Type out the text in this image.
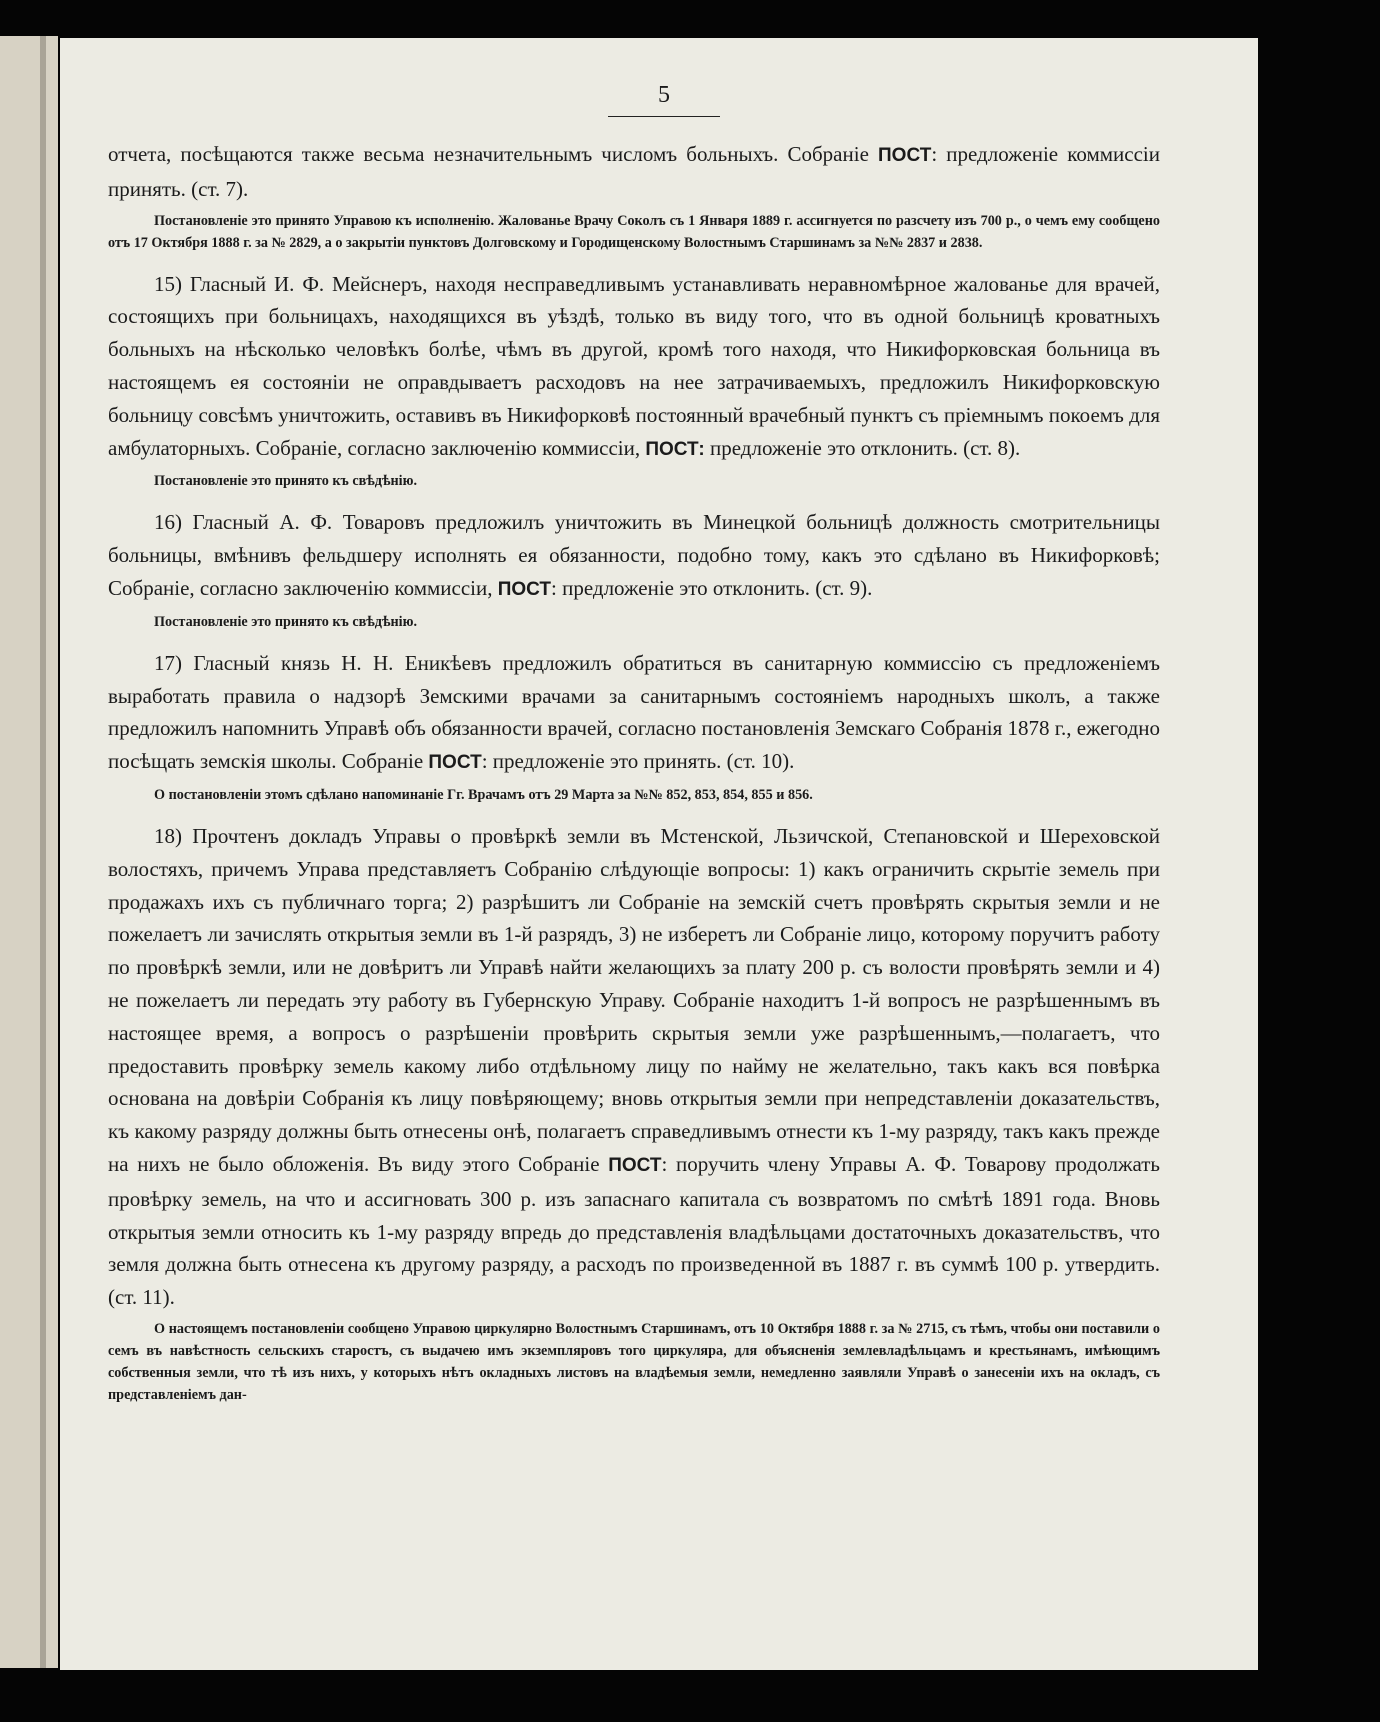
5

отчета, посѣщаются также весьма незначительнымъ числомъ больныхъ. Собраніе ПОСТ: предложеніе коммиссіи принять. (ст. 7).

Постановленіе это принято Управою къ исполненію. Жалованье Врачу Соколъ съ 1 Января 1889 г. ассигнуется по разсчету изъ 700 р., о чемъ ему сообщено отъ 17 Октября 1888 г. за № 2829, а о закрытіи пунктовъ Долговскому и Городищенскому Волостнымъ Старшинамъ за №№ 2837 и 2838.

15) Гласный И. Ф. Мейснеръ, находя несправедливымъ устанавливать неравномѣрное жалованье для врачей, состоящихъ при больницахъ, находящихся въ уѣздѣ, только въ виду того, что въ одной больницѣ кроватныхъ больныхъ на нѣсколько человѣкъ болѣе, чѣмъ въ другой, кромѣ того находя, что Никифорковская больница въ настоящемъ ея состояніи не оправдываетъ расходовъ на нее затрачиваемыхъ, предложилъ Никифорковскую больницу совсѣмъ уничтожить, оставивъ въ Никифорковѣ постоянный врачебный пунктъ съ пріемнымъ покоемъ для амбулаторныхъ. Собраніе, согласно заключенію коммиссіи, ПОСТ: предложеніе это отклонить. (ст. 8).

Постановленіе это принято къ свѣдѣнію.

16) Гласный А. Ф. Товаровъ предложилъ уничтожить въ Минецкой больницѣ должность смотрительницы больницы, вмѣнивъ фельдшеру исполнять ея обязанности, подобно тому, какъ это сдѣлано въ Никифорковѣ; Собраніе, согласно заключенію коммиссіи, ПОСТ: предложеніе это отклонить. (ст. 9).

Постановленіе это принято къ свѣдѣнію.

17) Гласный князь Н. Н. Еникѣевъ предложилъ обратиться въ санитарную коммиссію съ предложеніемъ выработать правила о надзорѣ Земскими врачами за санитарнымъ состояніемъ народныхъ школъ, а также предложилъ напомнить Управѣ объ обязанности врачей, согласно постановленія Земскаго Собранія 1878 г., ежегодно посѣщать земскія школы. Собраніе ПОСТ: предложеніе это принять. (ст. 10).

О постановленіи этомъ сдѣлано напоминаніе Гг. Врачамъ отъ 29 Марта за №№ 852, 853, 854, 855 и 856.

18) Прочтенъ докладъ Управы о провѣркѣ земли въ Мстенской, Льзичской, Степановской и Шереховской волостяхъ, причемъ Управа представляетъ Собранію слѣдующіе вопросы: 1) какъ ограничить скрытіе земель при продажахъ ихъ съ публичнаго торга; 2) разрѣшитъ ли Собраніе на земскій счетъ провѣрять скрытыя земли и не пожелаетъ ли зачислять открытыя земли въ 1-й разрядъ, 3) не изберетъ ли Собраніе лицо, которому поручитъ работу по провѣркѣ земли, или не довѣритъ ли Управѣ найти желающихъ за плату 200 р. съ волости провѣрять земли и 4) не пожелаетъ ли передать эту работу въ Губернскую Управу. Собраніе находитъ 1-й вопросъ не разрѣшеннымъ въ настоящее время, а вопросъ о разрѣшеніи провѣрить скрытыя земли уже разрѣшеннымъ,—полагаетъ, что предоставить провѣрку земель какому либо отдѣльному лицу по найму не желательно, такъ какъ вся повѣрка основана на довѣріи Собранія къ лицу повѣряющему; вновь открытыя земли при непредставленіи доказательствъ, къ какому разряду должны быть отнесены онѣ, полагаетъ справедливымъ отнести къ 1-му разряду, такъ какъ прежде на нихъ не было обложенія. Въ виду этого Собраніе ПОСТ: поручить члену Управы А. Ф. Товарову продолжать провѣрку земель, на что и ассигновать 300 р. изъ запаснаго капитала съ возвратомъ по смѣтѣ 1891 года. Вновь открытыя земли относить къ 1-му разряду впредь до представленія владѣльцами достаточныхъ доказательствъ, что земля должна быть отнесена къ другому разряду, а расходъ по произведенной въ 1887 г. въ суммѣ 100 р. утвердить. (ст. 11).

О настоящемъ постановленіи сообщено Управою циркулярно Волостнымъ Старшинамъ, отъ 10 Октября 1888 г. за № 2715, съ тѣмъ, чтобы они поставили о семъ въ навѣстность сельскихъ старостъ, съ выдачею имъ экземпляровъ того циркуляра, для объясненія землевладѣльцамъ и крестьянамъ, имѣющимъ собственныя земли, что тѣ изъ нихъ, у которыхъ нѣтъ окладныхъ листовъ на владѣемыя земли, немедленно заявляли Управѣ о занесеніи ихъ на окладъ, съ представленіемъ дан-
